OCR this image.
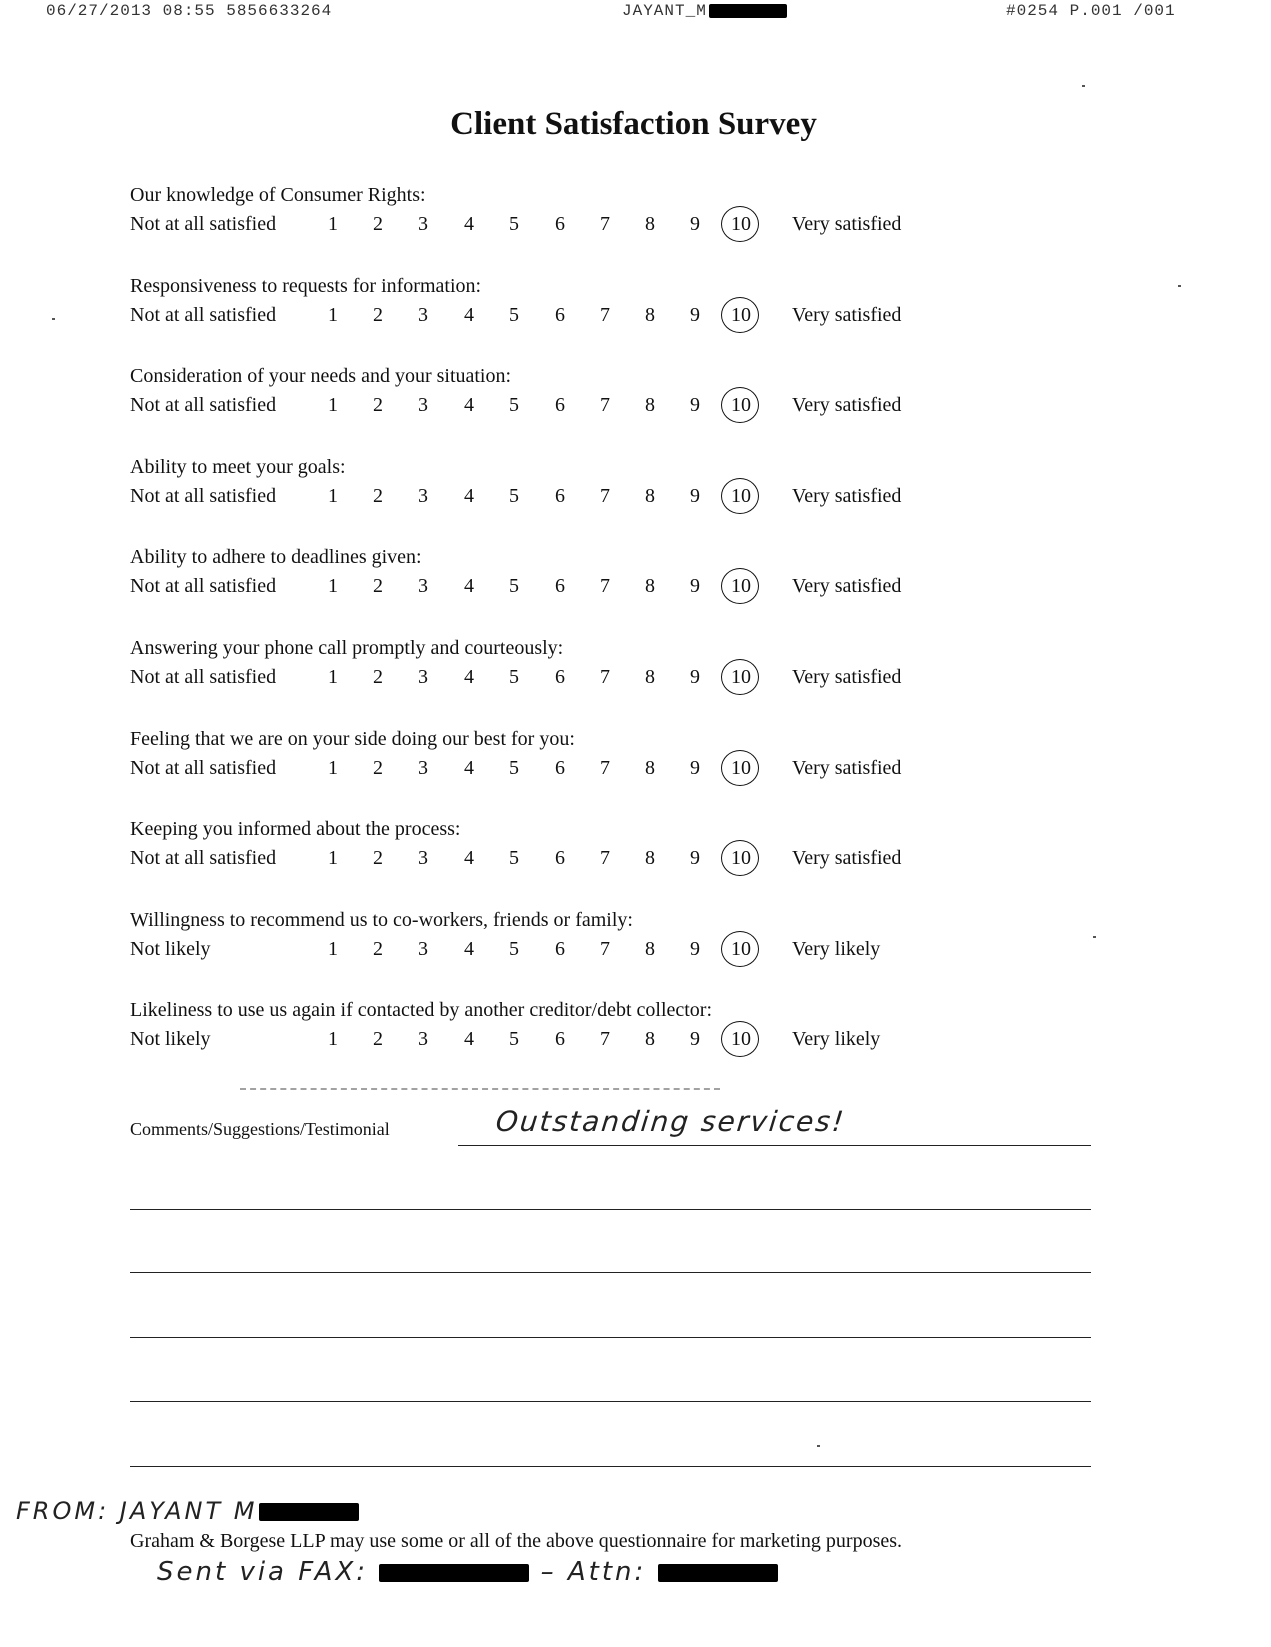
06/27/2013 08:55 5856633264	JAYANT_M	#0254 P.001 /001
Client Satisfaction Survey
Our knowledge of Consumer Rights:
Not at all satisfied	1	2	3	4	5	6	7	8	9	10 Very satisfied
Responsiveness to requests for information:
Not at all satisfied	1	2	3	4	5	6	7	8	9	10 Very satisfied
Consideration of your needs and your situation:
Not at all satisfied	1	2	3	4	5	6	7	8	9	10 Very satisfied
Ability to meet your goals:
Not at all satisfied	1	2	3	4	5	6	7	8	9	10 Very satisfied
Ability to adhere to deadlines given:
Not at all satisfied	1	2	3	4	5	6	7	8	9	10 Very satisfied
Answering your phone call promptly and courteously:
Not at all satisfied	1	2	3	4	5	6	7	8	9	10 Very satisfied
Feeling that we are on your side doing our best for you:
Not at all satisfied	1	2	3	4	5	6	7	8	9	10 Very satisfied
Keeping you informed about the process:
Not at all satisfied	1	2	3	4	5	6	7	8	9	10 Very satisfied
Willingness to recommend us to co-workers, friends or family:
Not likely	1	2	3	4	5	6	7	8	9	10 Very likely
Likeliness to use us again if contacted by another creditor/debt collector:
Not likely	1	2	3	4	5	6	7	8	9	10 Very likely
Comments/Suggestions/Testimonial	Outstanding services!
FROM: JAYANT M
Graham & Borgese LLP may use some or all of the above questionnaire for marketing purposes.
Sent via FAX:	– Attn:
